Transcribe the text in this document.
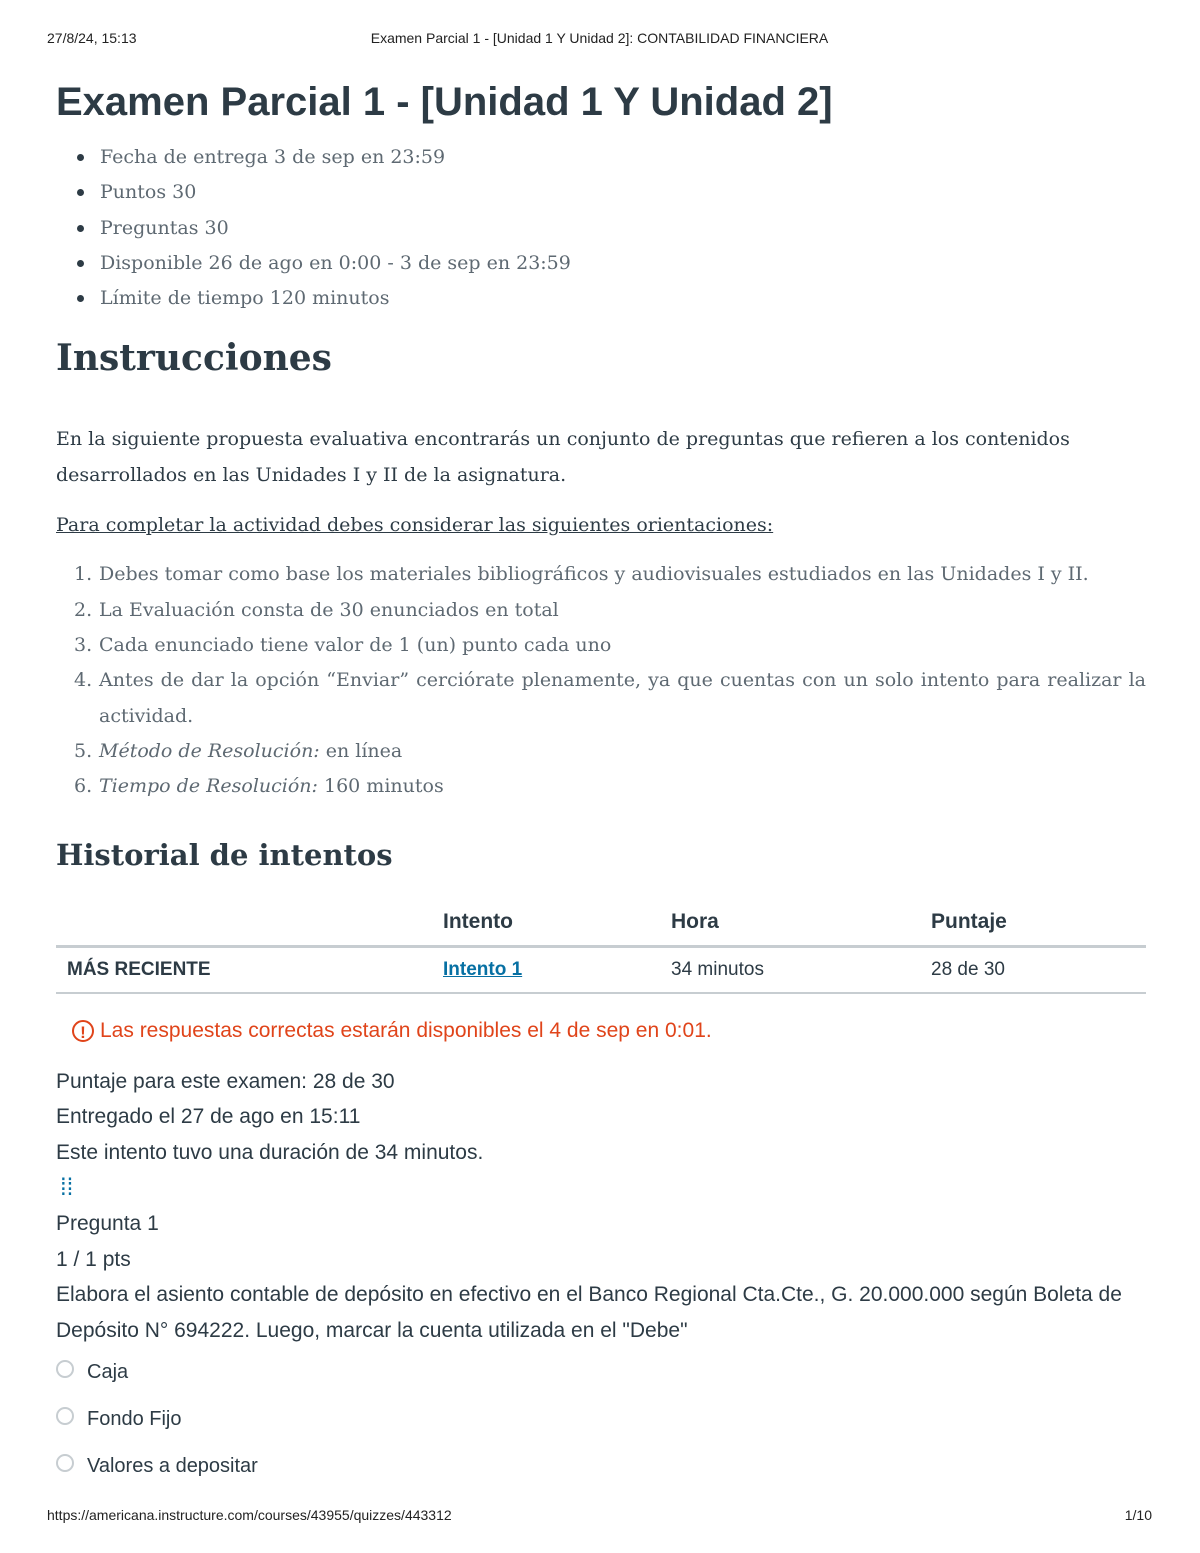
27/8/24, 15:13	Examen Parcial 1 - [Unidad 1 Y Unidad 2]: CONTABILIDAD FINANCIERA
Examen Parcial 1 - [Unidad 1 Y Unidad 2]
Fecha de entrega 3 de sep en 23:59
Puntos 30
Preguntas 30
Disponible 26 de ago en 0:00 - 3 de sep en 23:59
Límite de tiempo 120 minutos
Instrucciones

En la siguiente propuesta evaluativa encontrarás un conjunto de preguntas que refieren a los contenidos desarrollados en las Unidades I y II de la asignatura.

Para completar la actividad debes considerar las siguientes orientaciones:

1. Debes tomar como base los materiales bibliográficos y audiovisuales estudiados en las Unidades I y II.
2. La Evaluación consta de 30 enunciados en total
3. Cada enunciado tiene valor de 1 (un) punto cada uno
4. Antes de dar la opción “Enviar” cerciórate plenamente, ya que cuentas con un solo intento para realizar la actividad.
5. Método de Resolución: en línea
6. Tiempo de Resolución: 160 minutos
Historial de intentos
	Intento	Hora	Puntaje
MÁS RECIENTE	Intento 1	34 minutos	28 de 30
! Las respuestas correctas estarán disponibles el 4 de sep en 0:01.
Puntaje para este examen: 28 de 30
Entregado el 27 de ago en 15:11
Este intento tuvo una duración de 34 minutos.
⁞⁞
Pregunta 1
1 / 1 pts
Elabora el asiento contable de depósito en efectivo en el Banco Regional Cta.Cte., G. 20.000.000 según Boleta de Depósito N° 694222. Luego, marcar la cuenta utilizada en el "Debe"
Caja
Fondo Fijo
Valores a depositar
https://americana.instructure.com/courses/43955/quizzes/443312	1/10
